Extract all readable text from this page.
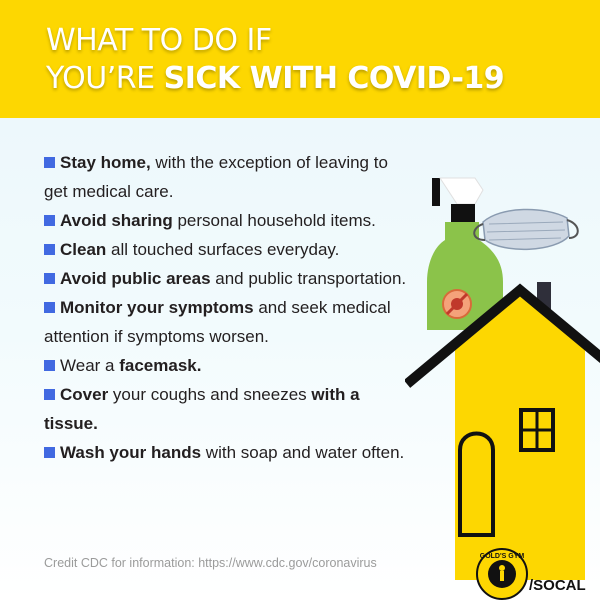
WHAT TO DO IF
YOU’RE SICK WITH COVID-19
Stay home, with the exception of leaving to get medical care.
Avoid sharing personal household items.
Clean all touched surfaces everyday.
Avoid public areas and public transportation.
Monitor your symptoms and seek medical attention if symptoms worsen.
Wear a facemask.
Cover your coughs and sneezes with a tissue.
Wash your hands with soap and water often.
Credit CDC for information: https://www.cdc.gov/coronavirus	GOLD'S GYM
/SOCAL
